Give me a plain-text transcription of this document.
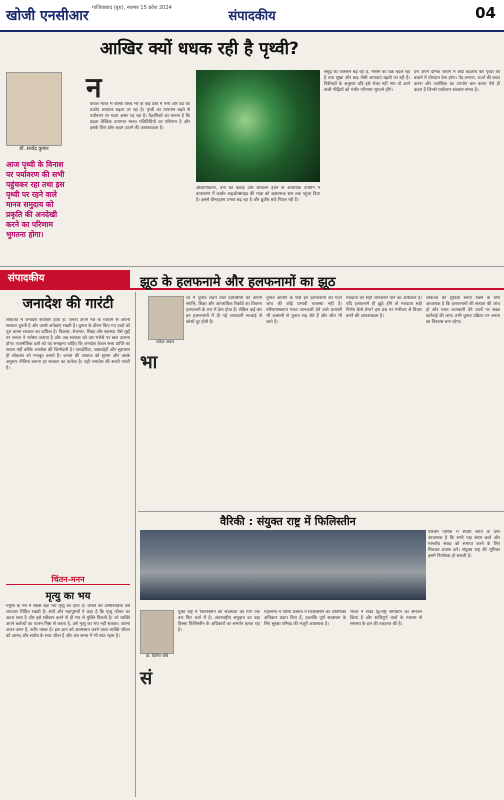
खोजी एनसीआर गाजियाबाद (बुध), नवम्बर 15 प्रवेश 2024
संपादकीय	04
आखिर क्यों धधक रही है पृथ्वी?
डॉ. सत्येंद्र कुमार
आज पृथ्वी के विनाश पर पर्यावरण की सभी पहुंचकर रहा तथा इस पृथ्वी पर रहने वाले मानव समुदाय को प्रकृति की अनदेखी करने का परिणाम भुगतना होगा।
न
केवल भारत में बल्कि विश्व भर के कई देशों में गर्मी और ठंड का प्रकोप लगातार बढ़ता जा रहा है। पृथ्वी का तापमान बढ़ने से पर्यावरण पर गहरा असर पड़ रहा है। वैज्ञानिकों का मानना है कि बढ़ता वैश्विक तापमान मानव गतिविधियों का परिणाम है और इसके लिए ठोस कदम उठाने की आवश्यकता है।
औद्योगीकरण, वनों की कटाई और जीवाश्म ईंधन के अत्यधिक उपयोग ने वातावरण में कार्बन डाइऑक्साइड की मात्रा को खतरनाक स्तर तक पहुंचा दिया है। इससे ग्रीनहाउस प्रभाव बढ़ रहा है और ध्रुवीय बर्फ पिघल रही है।
समुद्र का जलस्तर बढ़ रहा है, मौसम का चक्र बदल रहा है तथा सूखा और बाढ़ जैसी आपदाएं बढ़ती जा रही हैं। विशेषज्ञों के अनुसार यदि इसे रोका नहीं गया तो आने वाली पीढ़ियों को गंभीर परिणाम भुगतने होंगे।
हमें अपने दैनिक जीवन में छोटे बदलाव कर पृथ्वी को बचाने में योगदान देना होगा। पेड़ लगाना, ऊर्जा की बचत करना और प्लास्टिक का उपयोग कम करना ऐसे ही कदम हैं जिनसे पर्यावरण संरक्षण संभव है।
संपादकीय
जनादेश की गारंटी
लोकतंत्र में जनादेश सर्वोपरि होता है। जनता अपने मत के माध्यम से अपनी सरकार चुनती है और उससे अपेक्षाएं रखती है। चुनाव के दौरान किए गए वादों को पूरा करना सरकार का दायित्व है। विकास, रोजगार, शिक्षा और स्वास्थ्य जैसे मुद्दों पर जनता ने भरोसा जताया है और अब सरकार को उस भरोसे पर खरा उतरना होगा। राजनीतिक दलों को यह समझना चाहिए कि जनादेश केवल सत्ता प्राप्ति का साधन नहीं बल्कि जनसेवा की जिम्मेदारी है। पारदर्शिता, जवाबदेही और सुशासन ही लोकतंत्र को मजबूत बनाते हैं। जनता की आवाज को सुनना और उसके अनुरूप नीतियां बनाना हर सरकार का कर्तव्य है। यही जनादेश की सच्ची गारंटी है।
झूठ के हलफनामे और हलफनामों का झूठ
राकेश अचल
भा
रत में चुनाव लड़ने वाले प्रत्याशियों को अपनी संपत्ति, शिक्षा और आपराधिक रिकॉर्ड का विवरण हलफनामे के रूप में देना होता है। लेकिन कई बार इन हलफनामों में दी गई जानकारी सच्चाई से कोसों दूर होती है।
चुनाव आयोग के पास इन हलफनामों की गहन जांच की कोई प्रभावी व्यवस्था नहीं है। परिणामस्वरूप गलत जानकारी देने वाले प्रत्याशी भी आसानी से चुनाव लड़ लेते हैं और जीत भी जाते हैं।
मतदाता को सही जानकारी पाने का अधिकार है। यदि हलफनामे ही झूठे होंगे तो मतदाता सही निर्णय कैसे लेगा? इस प्रश्न पर गंभीरता से विचार करने की आवश्यकता है।
लोकतंत्र की शुचिता बनाए रखने के लिए आवश्यक है कि हलफनामों की सत्यता की जांच हो और गलत जानकारी देने वालों पर सख्त कार्रवाई की जाए। तभी चुनाव प्रक्रिया पर जनता का विश्वास बना रहेगा।
वैरिकी : संयुक्त राष्ट्र में फिलिस्तीन
डॉ. दिलीप चौबे
सं
युक्त राष्ट्र में फिलिस्तीन को सदस्यता की मांग एक बार फिर चर्चा में है। अंतरराष्ट्रीय समुदाय का बड़ा हिस्सा फिलिस्तीन के अधिकारों का समर्थन करता रहा है।
महासभा में पारित प्रस्ताव ने फिलिस्तीन को अतिरिक्त अधिकार प्रदान किए हैं, हालांकि पूर्ण सदस्यता के लिए सुरक्षा परिषद की मंजूरी आवश्यक है।
भारत ने सदैव द्वि-राष्ट्र समाधान का समर्थन किया है और शांतिपूर्ण वार्ता के माध्यम से समस्या के हल की वकालत की है।
पश्चिम एशिया में स्थायी शांति के लिए आवश्यक है कि सभी पक्ष संयम बरतें और मानवीय संकट को समाप्त करने के लिए मिलकर प्रयास करें। संयुक्त राष्ट्र की भूमिका इसमें निर्णायक हो सकती है।
चिंतन-मनन
मृत्यु का भय
मनुष्य के मन में सबसे बड़ा भय मृत्यु का होता है। जीवन की अनिश्चितता उसे लगातार चिंतित रखती है। संतों और महापुरुषों ने कहा है कि मृत्यु जीवन का अटल सत्य है और इसे स्वीकार करने से ही भय से मुक्ति मिलती है। जो व्यक्ति अपने कर्तव्यों का पालन निष्ठा से करता है, उसे मृत्यु का भय नहीं सताता। आत्मा अजर-अमर है, शरीर नश्वर है। इस ज्ञान को आत्मसात करने वाला व्यक्ति जीवन को आनंद और संतोष के साथ जीता है और अंत समय में भी शांत रहता है।
